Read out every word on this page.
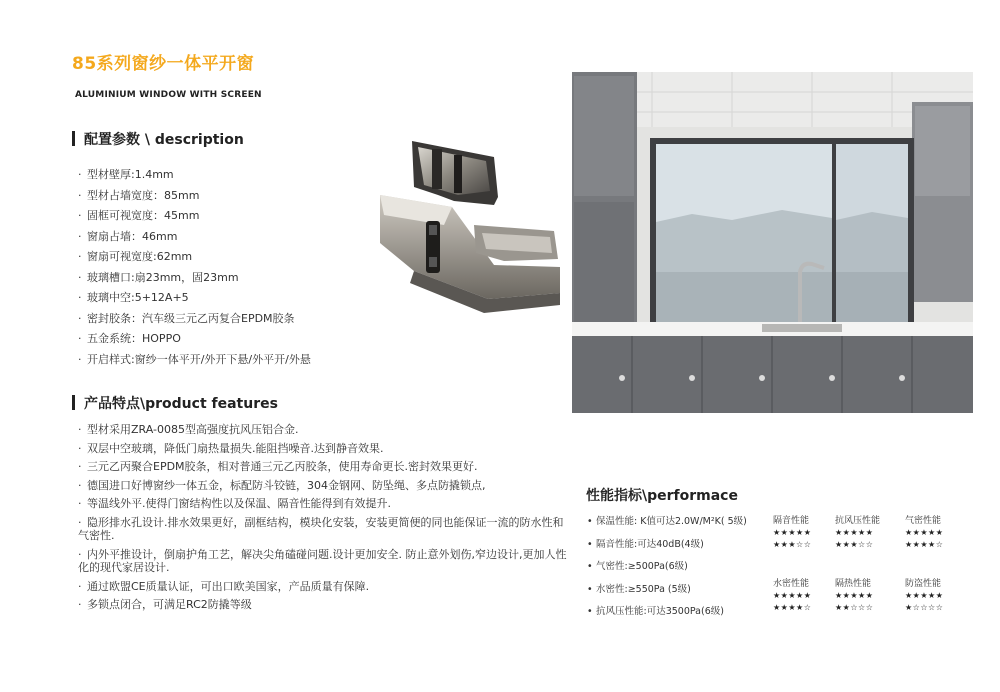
85系列窗纱一体平开窗
ALUMINIUM WINDOW WITH SCREEN
配置参数 \ description
· 型材壁厚:1.4mm
· 型材占墙宽度：85mm
· 固框可视宽度：45mm
· 窗扇占墙：46mm
· 窗扇可视宽度:62mm
· 玻璃槽口:扇23mm，固23mm
· 玻璃中空:5+12A+5
· 密封胶条：汽车级三元乙丙复合EPDM胶条
· 五金系统：HOPPO
· 开启样式:窗纱一体平开/外开下悬/外平开/外悬
产品特点\product features
· 型材采用ZRA-0085型高强度抗风压铝合金.
· 双层中空玻璃，降低门扇热量损失.能阻挡噪音.达到静音效果.
· 三元乙丙聚合EPDM胶条，相对普通三元乙丙胶条，使用寿命更长.密封效果更好.
· 德国进口好博窗纱一体五金，标配防斗铰链，304金钢网、防坠绳、多点防撬锁点,
· 等温线外平.使得门窗结构性以及保温、隔音性能得到有效提升.
· 隐形排水孔设计.排水效果更好，副框结构，模块化安装，安装更简便的同也能保证一流的防水性和气密性.
· 内外平推设计，倒扇护角工艺，解决尖角磕碰问题.设计更加安全. 防止意外划伤,窄边设计,更加人性化的现代家居设计.
· 通过欧盟CE质量认证，可出口欧美国家，产品质量有保障.
· 多锁点闭合，可满足RC2防撬等级
性能指标\performace
• 保温性能: K值可达2.0W/M²K( 5级)
• 隔音性能:可达40dB(4级)
• 气密性:≥500Pa(6级)
• 水密性:≥550Pa (5级)
• 抗风压性能:可达3500Pa(6级)
隔音性能	抗风压性能	气密性能
★★★★★	★★★★★	★★★★★
★★★☆☆	★★★☆☆	★★★★☆
水密性能	隔热性能	防盗性能
★★★★★	★★★★★	★★★★★
★★★★☆	★★☆☆☆	★☆☆☆☆
